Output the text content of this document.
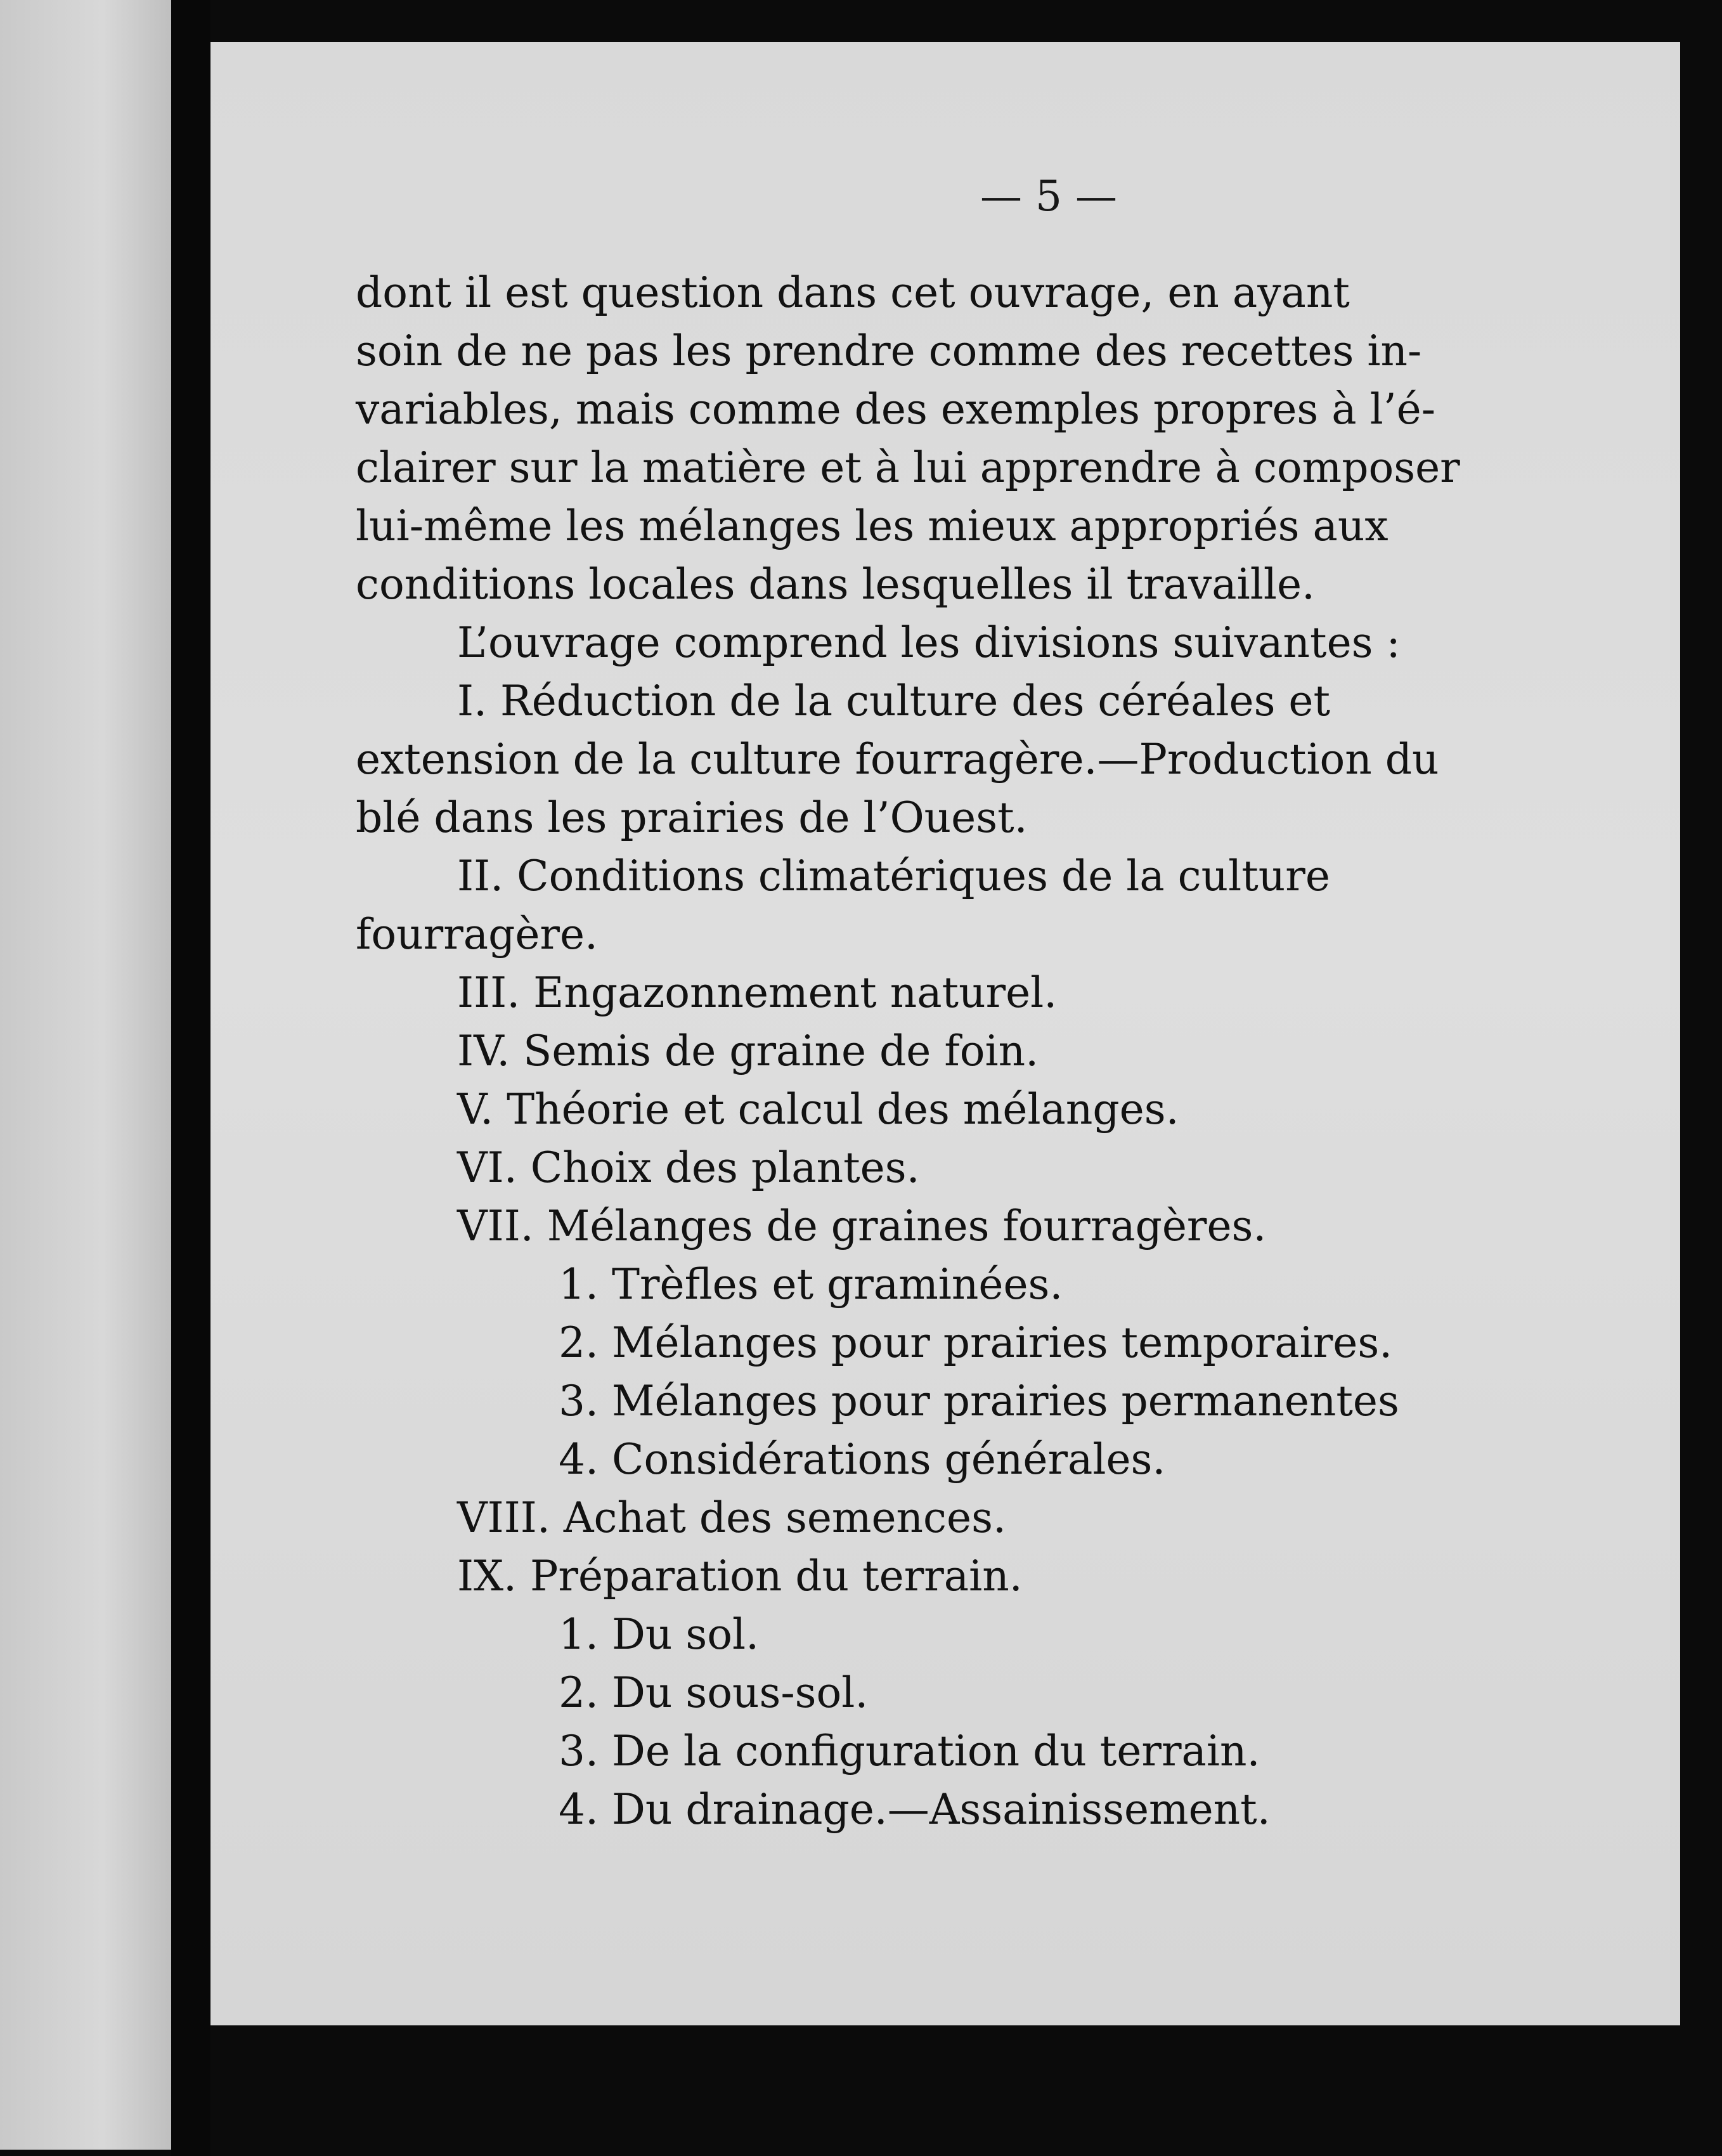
— 5 —
dont il est question dans cet ouvrage, en ayant
soin de ne pas les prendre comme des recettes in-
variables, mais comme des exemples propres à l’é-
clairer sur la matière et à lui apprendre à composer
lui-même les mélanges les mieux appropriés aux
conditions locales dans lesquelles il travaille.
L’ouvrage comprend les divisions suivantes :
I. Réduction de la culture des céréales et
extension de la culture fourragère.—Production du
blé dans les prairies de l’Ouest.
II. Conditions climatériques de la culture
fourragère.
III. Engazonnement naturel.
IV. Semis de graine de foin.
V. Théorie et calcul des mélanges.
VI. Choix des plantes.
VII. Mélanges de graines fourragères.
1. Trèfles et graminées.
2. Mélanges pour prairies temporaires.
3. Mélanges pour prairies permanentes
4. Considérations générales.
VIII. Achat des semences.
IX. Préparation du terrain.
1. Du sol.
2. Du sous-sol.
3. De la configuration du terrain.
4. Du drainage.—Assainissement.
